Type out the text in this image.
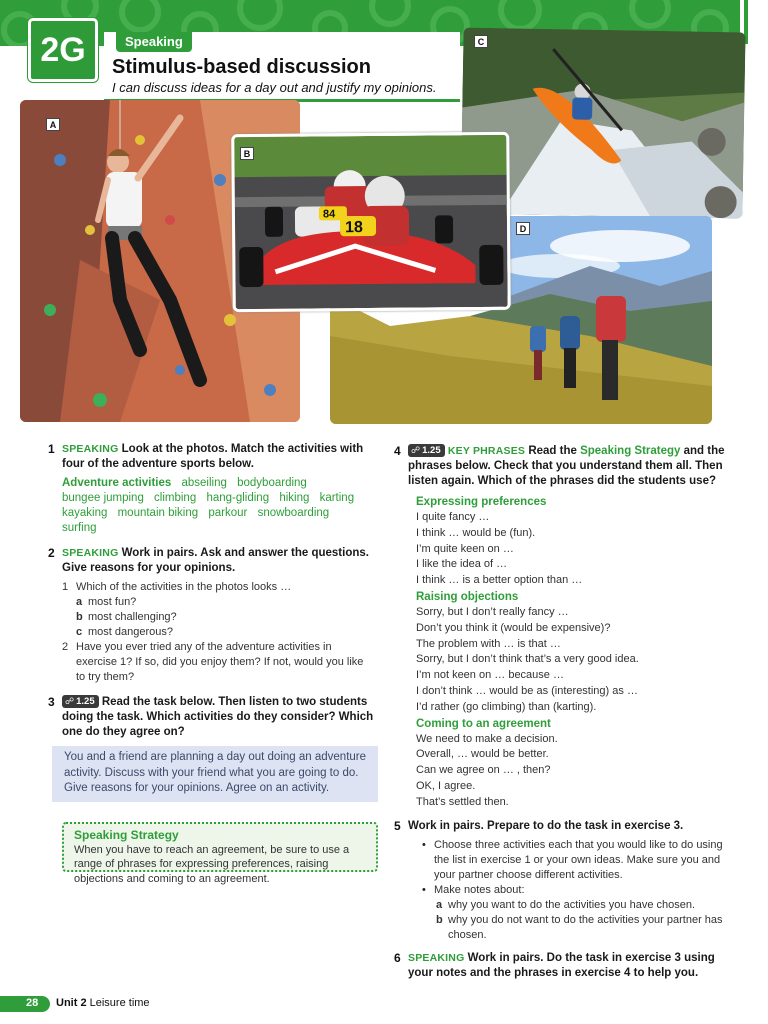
2G	Speaking
Stimulus-based discussion
I can discuss ideas for a day out and justify my opinions.
A
C
D
84
18
B
1 SPEAKING Look at the photos. Match the activities with four of the adventure sports below.
Adventure activities abseiling bodyboarding bungee jumping climbing hang-gliding hiking karting kayaking mountain biking parkour snowboarding surfing
2 SPEAKING Work in pairs. Ask and answer the questions. Give reasons for your opinions.
1 Which of the activities in the photos looks …
a most fun?
b most challenging?
c most dangerous?
2 Have you ever tried any of the adventure activities in exercise 1? If so, did you enjoy them? If not, would you like to try them?
3 ☍ 1.25 Read the task below. Then listen to two students doing the task. Which activities do they consider? Which one do they agree on?
You and a friend are planning a day out doing an adventure activity. Discuss with your friend what you are going to do. Give reasons for your opinions. Agree on an activity.
Speaking Strategy
When you have to reach an agreement, be sure to use a range of phrases for expressing preferences, raising objections and coming to an agreement.
4 ☍ 1.25 KEY PHRASES Read the Speaking Strategy and the phrases below. Check that you understand them all. Then listen again. Which of the phrases did the students use?
Expressing preferences
I quite fancy …
I think … would be (fun).
I’m quite keen on …
I like the idea of …
I think … is a better option than …
Raising objections
Sorry, but I don’t really fancy …
Don’t you think it (would be expensive)?
The problem with … is that …
Sorry, but I don’t think that’s a very good idea.
I’m not keen on … because …
I don’t think … would be as (interesting) as …
I’d rather (go climbing) than (karting).
Coming to an agreement
We need to make a decision.
Overall, … would be better.
Can we agree on … , then?
OK, I agree.
That’s settled then.
5 Work in pairs. Prepare to do the task in exercise 3.
• Choose three activities each that you would like to do using the list in exercise 1 or your own ideas. Make sure you and your partner choose different activities.
• Make notes about:
a why you want to do the activities you have chosen.
b why you do not want to do the activities your partner has chosen.
6 SPEAKING Work in pairs. Do the task in exercise 3 using your notes and the phrases in exercise 4 to help you.
28 Unit 2 Leisure time
